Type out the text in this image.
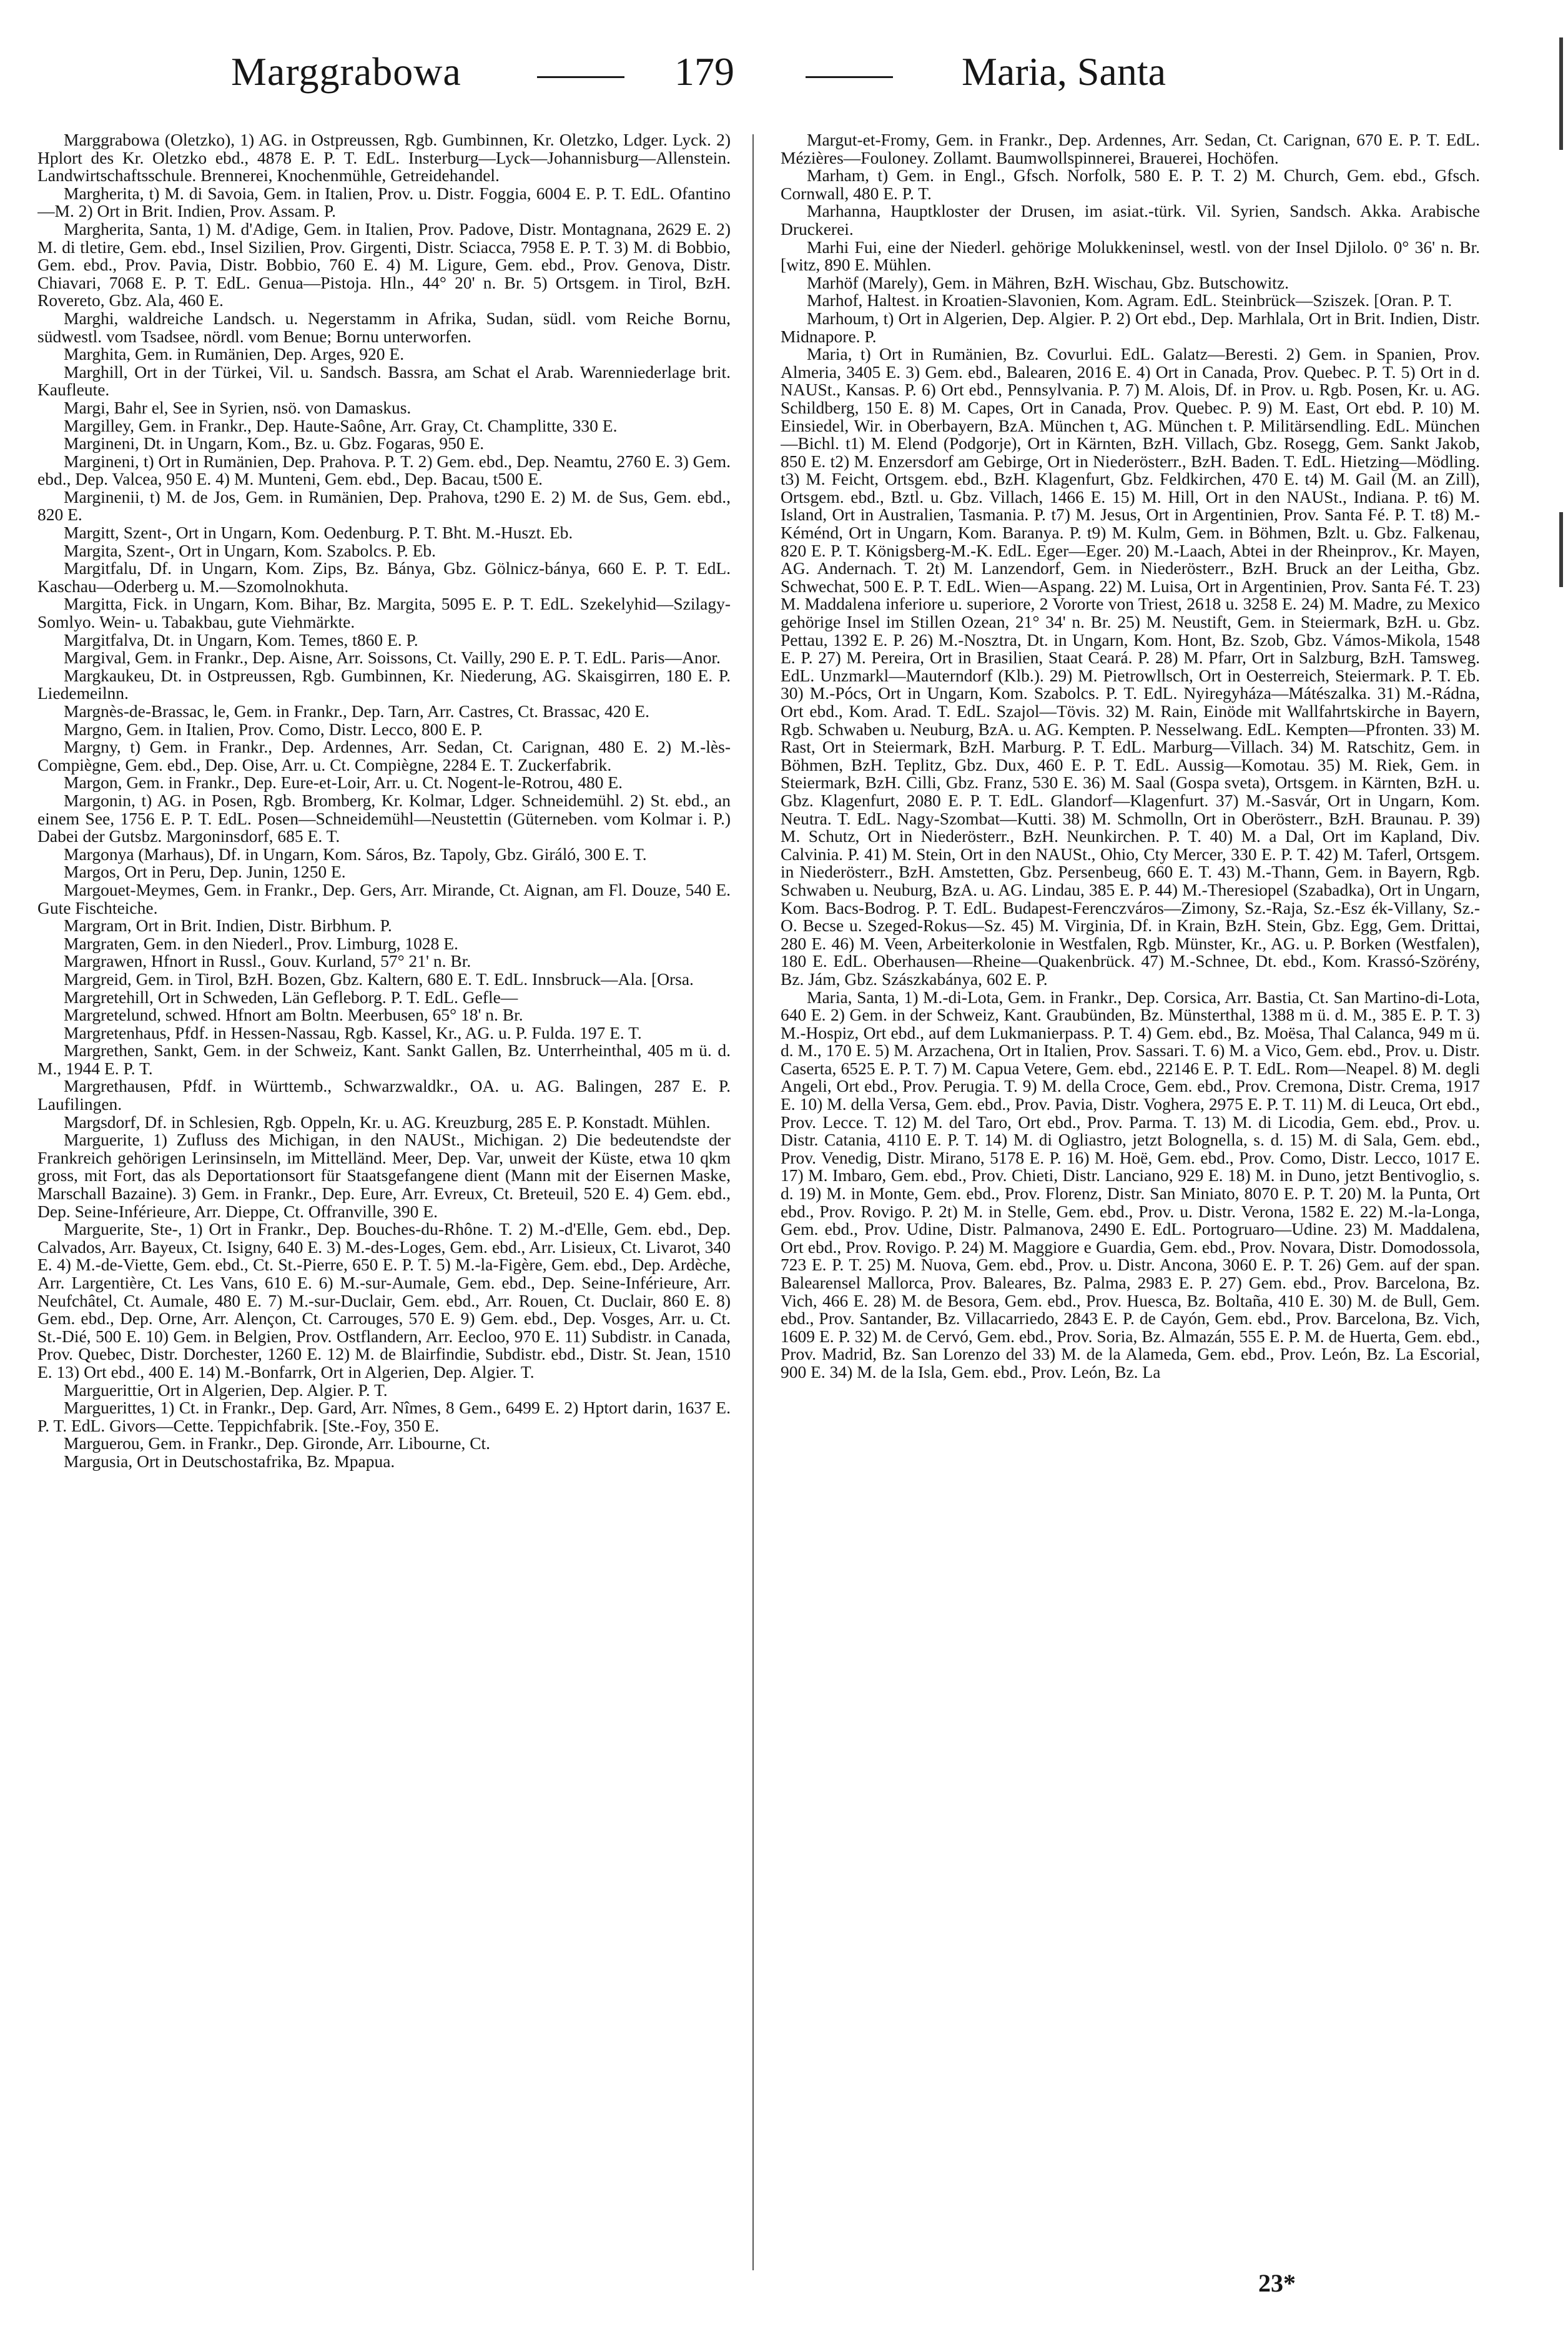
Marggrabowa	179	Maria, Santa

Marggrabowa (Oletzko), 1) AG. in Ostpreussen, Rgb. Gumbinnen, Kr. Oletzko, Ldger. Lyck. 2) Hplort des Kr. Oletzko ebd., 4878 E. P. T. EdL. Insterburg—Lyck—Johannisburg—Allenstein. Landwirtschaftsschule. Brennerei, Knochenmühle, Getreidehandel.

Margherita, t) M. di Savoia, Gem. in Italien, Prov. u. Distr. Foggia, 6004 E. P. T. EdL. Ofantino—M. 2) Ort in Brit. Indien, Prov. Assam. P.

Margherita, Santa, 1) M. d'Adige, Gem. in Italien, Prov. Padove, Distr. Montagnana, 2629 E. 2) M. di tletire, Gem. ebd., Insel Sizilien, Prov. Girgenti, Distr. Sciacca, 7958 E. P. T. 3) M. di Bobbio, Gem. ebd., Prov. Pavia, Distr. Bobbio, 760 E. 4) M. Ligure, Gem. ebd., Prov. Genova, Distr. Chiavari, 7068 E. P. T. EdL. Genua—Pistoja. Hln., 44° 20' n. Br. 5) Ortsgem. in Tirol, BzH. Rovereto, Gbz. Ala, 460 E.

Marghi, waldreiche Landsch. u. Negerstamm in Afrika, Sudan, südl. vom Reiche Bornu, südwestl. vom Tsadsee, nördl. vom Benue; Bornu unterworfen.

Marghita, Gem. in Rumänien, Dep. Arges, 920 E.

Marghill, Ort in der Türkei, Vil. u. Sandsch. Bassra, am Schat el Arab. Warenniederlage brit. Kaufleute.

Margi, Bahr el, See in Syrien, nsö. von Damaskus.

Margilley, Gem. in Frankr., Dep. Haute-Saône, Arr. Gray, Ct. Champlitte, 330 E.

Margineni, Dt. in Ungarn, Kom., Bz. u. Gbz. Fogaras, 950 E.

Margineni, t) Ort in Rumänien, Dep. Prahova. P. T. 2) Gem. ebd., Dep. Neamtu, 2760 E. 3) Gem. ebd., Dep. Valcea, 950 E. 4) M. Munteni, Gem. ebd., Dep. Bacau, t500 E.

Marginenii, t) M. de Jos, Gem. in Rumänien, Dep. Prahova, t290 E. 2) M. de Sus, Gem. ebd., 820 E.

Margitt, Szent-, Ort in Ungarn, Kom. Oedenburg. P. T. Bht. M.-Huszt. Eb.

Margita, Szent-, Ort in Ungarn, Kom. Szabolcs. P. Eb.

Margitfalu, Df. in Ungarn, Kom. Zips, Bz. Bánya, Gbz. Gölnicz-bánya, 660 E. P. T. EdL. Kaschau—Oderberg u. M.—Szomolnokhuta.

Margitta, Fick. in Ungarn, Kom. Bihar, Bz. Margita, 5095 E. P. T. EdL. Szekelyhid—Szilagy-Somlyo. Wein- u. Tabakbau, gute Viehmärkte.

Margitfalva, Dt. in Ungarn, Kom. Temes, t860 E. P.

Margival, Gem. in Frankr., Dep. Aisne, Arr. Soissons, Ct. Vailly, 290 E. P. T. EdL. Paris—Anor.

Margkaukeu, Dt. in Ostpreussen, Rgb. Gumbinnen, Kr. Niederung, AG. Skaisgirren, 180 E. P. Liedemeilnn.

Margnès-de-Brassac, le, Gem. in Frankr., Dep. Tarn, Arr. Castres, Ct. Brassac, 420 E.

Margno, Gem. in Italien, Prov. Como, Distr. Lecco, 800 E. P.

Margny, t) Gem. in Frankr., Dep. Ardennes, Arr. Sedan, Ct. Carignan, 480 E. 2) M.-lès-Compiègne, Gem. ebd., Dep. Oise, Arr. u. Ct. Compiègne, 2284 E. T. Zuckerfabrik.

Margon, Gem. in Frankr., Dep. Eure-et-Loir, Arr. u. Ct. Nogent-le-Rotrou, 480 E.

Margonin, t) AG. in Posen, Rgb. Bromberg, Kr. Kolmar, Ldger. Schneidemühl. 2) St. ebd., an einem See, 1756 E. P. T. EdL. Posen—Schneidemühl—Neustettin (Güterneben. vom Kolmar i. P.) Dabei der Gutsbz. Margoninsdorf, 685 E. T.

Margonya (Marhaus), Df. in Ungarn, Kom. Sáros, Bz. Tapoly, Gbz. Giráló, 300 E. T.

Margos, Ort in Peru, Dep. Junin, 1250 E.

Margouet-Meymes, Gem. in Frankr., Dep. Gers, Arr. Mirande, Ct. Aignan, am Fl. Douze, 540 E. Gute Fischteiche.

Margram, Ort in Brit. Indien, Distr. Birbhum. P.

Margraten, Gem. in den Niederl., Prov. Limburg, 1028 E.

Margrawen, Hfnort in Russl., Gouv. Kurland, 57° 21' n. Br.

Margreid, Gem. in Tirol, BzH. Bozen, Gbz. Kaltern, 680 E. T. EdL. Innsbruck—Ala. [Orsa.

Margretehill, Ort in Schweden, Län Gefleborg. P. T. EdL. Gefle—

Margretelund, schwed. Hfnort am Boltn. Meerbusen, 65° 18' n. Br.

Margretenhaus, Pfdf. in Hessen-Nassau, Rgb. Kassel, Kr., AG. u. P. Fulda. 197 E. T.

Margrethen, Sankt, Gem. in der Schweiz, Kant. Sankt Gallen, Bz. Unterrheinthal, 405 m ü. d. M., 1944 E. P. T.

Margrethausen, Pfdf. in Württemb., Schwarzwaldkr., OA. u. AG. Balingen, 287 E. P. Laufilingen.

Margsdorf, Df. in Schlesien, Rgb. Oppeln, Kr. u. AG. Kreuzburg, 285 E. P. Konstadt. Mühlen.

Marguerite, 1) Zufluss des Michigan, in den NAUSt., Michigan. 2) Die bedeutendste der Frankreich gehörigen Lerinsinseln, im Mittelländ. Meer, Dep. Var, unweit der Küste, etwa 10 qkm gross, mit Fort, das als Deportationsort für Staatsgefangene dient (Mann mit der Eisernen Maske, Marschall Bazaine). 3) Gem. in Frankr., Dep. Eure, Arr. Evreux, Ct. Breteuil, 520 E. 4) Gem. ebd., Dep. Seine-Inférieure, Arr. Dieppe, Ct. Offranville, 390 E.

Marguerite, Ste-, 1) Ort in Frankr., Dep. Bouches-du-Rhône. T. 2) M.-d'Elle, Gem. ebd., Dep. Calvados, Arr. Bayeux, Ct. Isigny, 640 E. 3) M.-des-Loges, Gem. ebd., Arr. Lisieux, Ct. Livarot, 340 E. 4) M.-de-Viette, Gem. ebd., Ct. St.-Pierre, 650 E. P. T. 5) M.-la-Figère, Gem. ebd., Dep. Ardèche, Arr. Largentière, Ct. Les Vans, 610 E. 6) M.-sur-Aumale, Gem. ebd., Dep. Seine-Inférieure, Arr. Neufchâtel, Ct. Aumale, 480 E. 7) M.-sur-Duclair, Gem. ebd., Arr. Rouen, Ct. Duclair, 860 E. 8) Gem. ebd., Dep. Orne, Arr. Alençon, Ct. Carrouges, 570 E. 9) Gem. ebd., Dep. Vosges, Arr. u. Ct. St.-Dié, 500 E. 10) Gem. in Belgien, Prov. Ostflandern, Arr. Eecloo, 970 E. 11) Subdistr. in Canada, Prov. Quebec, Distr. Dorchester, 1260 E. 12) M. de Blairfindie, Subdistr. ebd., Distr. St. Jean, 1510 E. 13) Ort ebd., 400 E. 14) M.-Bonfarrk, Ort in Algerien, Dep. Algier. T.

Marguerittie, Ort in Algerien, Dep. Algier. P. T.

Marguerittes, 1) Ct. in Frankr., Dep. Gard, Arr. Nîmes, 8 Gem., 6499 E. 2) Hptort darin, 1637 E. P. T. EdL. Givors—Cette. Teppichfabrik. [Ste.-Foy, 350 E.

Marguerou, Gem. in Frankr., Dep. Gironde, Arr. Libourne, Ct.

Margusia, Ort in Deutschostafrika, Bz. Mpapua.

Margut-et-Fromy, Gem. in Frankr., Dep. Ardennes, Arr. Sedan, Ct. Carignan, 670 E. P. T. EdL. Mézières—Fouloney. Zollamt. Baumwollspinnerei, Brauerei, Hochöfen.

Marham, t) Gem. in Engl., Gfsch. Norfolk, 580 E. P. T. 2) M. Church, Gem. ebd., Gfsch. Cornwall, 480 E. P. T.

Marhanna, Hauptkloster der Drusen, im asiat.-türk. Vil. Syrien, Sandsch. Akka. Arabische Druckerei.

Marhi Fui, eine der Niederl. gehörige Molukkeninsel, westl. von der Insel Djilolo. 0° 36' n. Br. [witz, 890 E. Mühlen.

Marhöf (Marely), Gem. in Mähren, BzH. Wischau, Gbz. Butschowitz.

Marhof, Haltest. in Kroatien-Slavonien, Kom. Agram. EdL. Steinbrück—Sziszek. [Oran. P. T.

Marhoum, t) Ort in Algerien, Dep. Algier. P. 2) Ort ebd., Dep. Marhlala, Ort in Brit. Indien, Distr. Midnapore. P.

Maria, t) Ort in Rumänien, Bz. Covurlui. EdL. Galatz—Beresti. 2) Gem. in Spanien, Prov. Almeria, 3405 E. 3) Gem. ebd., Balearen, 2016 E. 4) Ort in Canada, Prov. Quebec. P. T. 5) Ort in d. NAUSt., Kansas. P. 6) Ort ebd., Pennsylvania. P. 7) M. Alois, Df. in Prov. u. Rgb. Posen, Kr. u. AG. Schildberg, 150 E. 8) M. Capes, Ort in Canada, Prov. Quebec. P. 9) M. East, Ort ebd. P. 10) M. Einsiedel, Wir. in Oberbayern, BzA. München t, AG. München t. P. Militärsendling. EdL. München—Bichl. t1) M. Elend (Podgorje), Ort in Kärnten, BzH. Villach, Gbz. Rosegg, Gem. Sankt Jakob, 850 E. t2) M. Enzersdorf am Gebirge, Ort in Niederösterr., BzH. Baden. T. EdL. Hietzing—Mödling. t3) M. Feicht, Ortsgem. ebd., BzH. Klagenfurt, Gbz. Feldkirchen, 470 E. t4) M. Gail (M. an Zill), Ortsgem. ebd., Bztl. u. Gbz. Villach, 1466 E. 15) M. Hill, Ort in den NAUSt., Indiana. P. t6) M. Island, Ort in Australien, Tasmania. P. t7) M. Jesus, Ort in Argentinien, Prov. Santa Fé. P. T. t8) M.-Kéménd, Ort in Ungarn, Kom. Baranya. P. t9) M. Kulm, Gem. in Böhmen, Bzlt. u. Gbz. Falkenau, 820 E. P. T. Königsberg-M.-K. EdL. Eger—Eger. 20) M.-Laach, Abtei in der Rheinprov., Kr. Mayen, AG. Andernach. T. 2t) M. Lanzendorf, Gem. in Niederösterr., BzH. Bruck an der Leitha, Gbz. Schwechat, 500 E. P. T. EdL. Wien—Aspang. 22) M. Luisa, Ort in Argentinien, Prov. Santa Fé. T. 23) M. Maddalena inferiore u. superiore, 2 Vororte von Triest, 2618 u. 3258 E. 24) M. Madre, zu Mexico gehörige Insel im Stillen Ozean, 21° 34' n. Br. 25) M. Neustift, Gem. in Steiermark, BzH. u. Gbz. Pettau, 1392 E. P. 26) M.-Nosztra, Dt. in Ungarn, Kom. Hont, Bz. Szob, Gbz. Vámos-Mikola, 1548 E. P. 27) M. Pereira, Ort in Brasilien, Staat Ceará. P. 28) M. Pfarr, Ort in Salzburg, BzH. Tamsweg. EdL. Unzmarkl—Mauterndorf (Klb.). 29) M. Pietrowllsch, Ort in Oesterreich, Steiermark. P. T. Eb. 30) M.-Pócs, Ort in Ungarn, Kom. Szabolcs. P. T. EdL. Nyiregyháza—Mátészalka. 31) M.-Rádna, Ort ebd., Kom. Arad. T. EdL. Szajol—Tövis. 32) M. Rain, Einöde mit Wallfahrtskirche in Bayern, Rgb. Schwaben u. Neuburg, BzA. u. AG. Kempten. P. Nesselwang. EdL. Kempten—Pfronten. 33) M. Rast, Ort in Steiermark, BzH. Marburg. P. T. EdL. Marburg—Villach. 34) M. Ratschitz, Gem. in Böhmen, BzH. Teplitz, Gbz. Dux, 460 E. P. T. EdL. Aussig—Komotau. 35) M. Riek, Gem. in Steiermark, BzH. Cilli, Gbz. Franz, 530 E. 36) M. Saal (Gospa sveta), Ortsgem. in Kärnten, BzH. u. Gbz. Klagenfurt, 2080 E. P. T. EdL. Glandorf—Klagenfurt. 37) M.-Sasvár, Ort in Ungarn, Kom. Neutra. T. EdL. Nagy-Szombat—Kutti. 38) M. Schmolln, Ort in Oberösterr., BzH. Braunau. P. 39) M. Schutz, Ort in Niederösterr., BzH. Neunkirchen. P. T. 40) M. a Dal, Ort im Kapland, Div. Calvinia. P. 41) M. Stein, Ort in den NAUSt., Ohio, Cty Mercer, 330 E. P. T. 42) M. Taferl, Ortsgem. in Niederösterr., BzH. Amstetten, Gbz. Persenbeug, 660 E. T. 43) M.-Thann, Gem. in Bayern, Rgb. Schwaben u. Neuburg, BzA. u. AG. Lindau, 385 E. P. 44) M.-Theresiopel (Szabadka), Ort in Ungarn, Kom. Bacs-Bodrog. P. T. EdL. Budapest-Ferenczváros—Zimony, Sz.-Raja, Sz.-Esz ék-Villany, Sz.-O. Becse u. Szeged-Rokus—Sz. 45) M. Virginia, Df. in Krain, BzH. Stein, Gbz. Egg, Gem. Drittai, 280 E. 46) M. Veen, Arbeiterkolonie in Westfalen, Rgb. Münster, Kr., AG. u. P. Borken (Westfalen), 180 E. EdL. Oberhausen—Rheine—Quakenbrück. 47) M.-Schnee, Dt. ebd., Kom. Krassó-Szörény, Bz. Jám, Gbz. Szászkabánya, 602 E. P.

Maria, Santa, 1) M.-di-Lota, Gem. in Frankr., Dep. Corsica, Arr. Bastia, Ct. San Martino-di-Lota, 640 E. 2) Gem. in der Schweiz, Kant. Graubünden, Bz. Münsterthal, 1388 m ü. d. M., 385 E. P. T. 3) M.-Hospiz, Ort ebd., auf dem Lukmanierpass. P. T. 4) Gem. ebd., Bz. Moësa, Thal Calanca, 949 m ü. d. M., 170 E. 5) M. Arzachena, Ort in Italien, Prov. Sassari. T. 6) M. a Vico, Gem. ebd., Prov. u. Distr. Caserta, 6525 E. P. T. 7) M. Capua Vetere, Gem. ebd., 22146 E. P. T. EdL. Rom—Neapel. 8) M. degli Angeli, Ort ebd., Prov. Perugia. T. 9) M. della Croce, Gem. ebd., Prov. Cremona, Distr. Crema, 1917 E. 10) M. della Versa, Gem. ebd., Prov. Pavia, Distr. Voghera, 2975 E. P. T. 11) M. di Leuca, Ort ebd., Prov. Lecce. T. 12) M. del Taro, Ort ebd., Prov. Parma. T. 13) M. di Licodia, Gem. ebd., Prov. u. Distr. Catania, 4110 E. P. T. 14) M. di Ogliastro, jetzt Bolognella, s. d. 15) M. di Sala, Gem. ebd., Prov. Venedig, Distr. Mirano, 5178 E. P. 16) M. Hoë, Gem. ebd., Prov. Como, Distr. Lecco, 1017 E. 17) M. Imbaro, Gem. ebd., Prov. Chieti, Distr. Lanciano, 929 E. 18) M. in Duno, jetzt Bentivoglio, s. d. 19) M. in Monte, Gem. ebd., Prov. Florenz, Distr. San Miniato, 8070 E. P. T. 20) M. la Punta, Ort ebd., Prov. Rovigo. P. 2t) M. in Stelle, Gem. ebd., Prov. u. Distr. Verona, 1582 E. 22) M.-la-Longa, Gem. ebd., Prov. Udine, Distr. Palmanova, 2490 E. EdL. Portogruaro—Udine. 23) M. Maddalena, Ort ebd., Prov. Rovigo. P. 24) M. Maggiore e Guardia, Gem. ebd., Prov. Novara, Distr. Domodossola, 723 E. P. T. 25) M. Nuova, Gem. ebd., Prov. u. Distr. Ancona, 3060 E. P. T. 26) Gem. auf der span. Balearensel Mallorca, Prov. Baleares, Bz. Palma, 2983 E. P. 27) Gem. ebd., Prov. Barcelona, Bz. Vich, 466 E. 28) M. de Besora, Gem. ebd., Prov. Huesca, Bz. Boltaña, 410 E. 30) M. de Bull, Gem. ebd., Prov. Santander, Bz. Villacarriedo, 2843 E. P. de Cayón, Gem. ebd., Prov. Barcelona, Bz. Vich, 1609 E. P. 32) M. de Cervó, Gem. ebd., Prov. Soria, Bz. Almazán, 555 E. P. M. de Huerta, Gem. ebd., Prov. Madrid, Bz. San Lorenzo del 33) M. de la Alameda, Gem. ebd., Prov. León, Bz. La Escorial, 900 E. 34) M. de la Isla, Gem. ebd., Prov. León, Bz. La

23*
